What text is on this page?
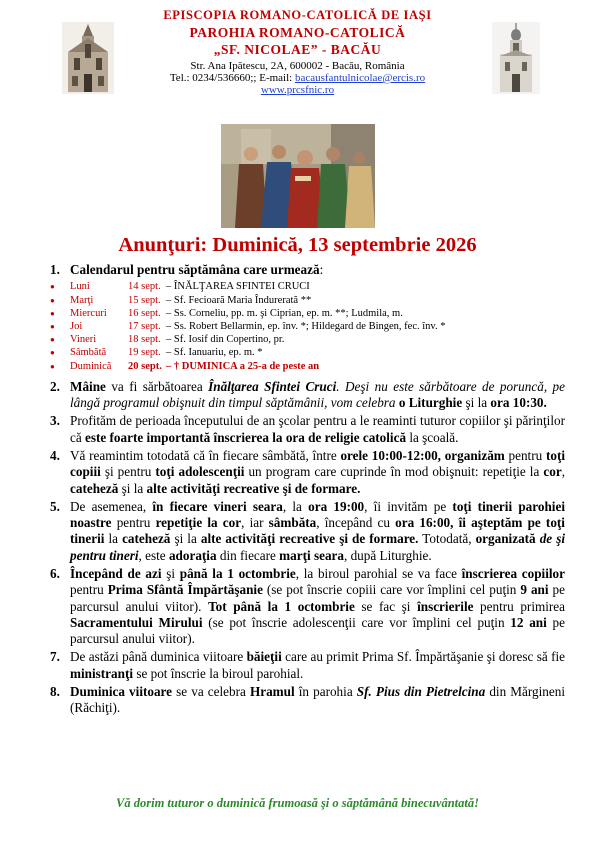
EPISCOPIA ROMANO-CATOLICĂ DE IAŞI
PAROHIA ROMANO-CATOLICĂ
„SF. NICOLAE” - BACĂU
Str. Ana Ipătescu, 2A, 600002 - Bacău, România
Tel.: 0234/536660;; E-mail: bacausfantulnicolae@ercis.ro
www.prcsfnic.ro
Anunţuri: Duminică, 13 septembrie 2026
1. Calendarul pentru săptămâna care urmează:
●	Luni	14 sept. – ÎNĂLŢAREA SFINTEI CRUCI
●	Marţi	15 sept. – Sf. Fecioară Maria Îndurerată **
●	Miercuri	16 sept. – Ss. Corneliu, pp. m. şi Ciprian, ep. m. **; Ludmila, m.
●	Joi	17 sept. – Ss. Robert Bellarmin, ep. înv. *; Hildegard de Bingen, fec. înv. *
●	Vineri	18 sept. – Sf. Iosif din Copertino, pr.
●	Sâmbătă	19 sept. – Sf. Ianuariu, ep. m. *
●	Duminică	20 sept. – † DUMINICA a 25-a de peste an
2. Mâine va fi sărbătoarea Înălţarea Sfintei Cruci. Deşi nu este sărbătoare de poruncă, pe lângă programul obişnuit din timpul săptămânii, vom celebra o Liturghie şi la ora 10:30.
3. Profităm de perioada începutului de an şcolar pentru a le reaminti tuturor copiilor şi părinţilor că este foarte importantă înscrierea la ora de religie catolică la şcoală.
4. Vă reamintim totodată că în fiecare sâmbătă, între orele 10:00-12:00, organizăm pentru toţi copiii şi pentru toţi adolescenţii un program care cuprinde în mod obişnuit: repetiţie la cor, cateheză şi la alte activităţi recreative şi de formare.
5. De asemenea, în fiecare vineri seara, la ora 19:00, îi invităm pe toţi tinerii parohiei noastre pentru repetiţie la cor, iar sâmbăta, începând cu ora 16:00, îi aşteptăm pe toţi tinerii la cateheză şi la alte activităţi recreative şi de formare. Totodată, organizată de şi pentru tineri, este adoraţia din fiecare marţi seara, după Liturghie.
6. Începând de azi şi până la 1 octombrie, la biroul parohial se va face înscrierea copiilor pentru Prima Sfântă Împărtăşanie (se pot înscrie copiii care vor împlini cel puţin 9 ani pe parcursul anului viitor). Tot până la 1 octombrie se fac şi înscrierile pentru primirea Sacramentului Mirului (se pot înscrie adolescenţii care vor împlini cel puţin 12 ani pe parcursul anului viitor).
7. De astăzi până duminica viitoare băieţii care au primit Prima Sf. Împărtăşanie şi doresc să fie ministranţi se pot înscrie la biroul parohial.
8. Duminica viitoare se va celebra Hramul în parohia Sf. Pius din Pietrelcina din Mărgineni (Răchiţi).
Vă dorim tuturor o duminică frumoasă şi o săptămână binecuvântată!
